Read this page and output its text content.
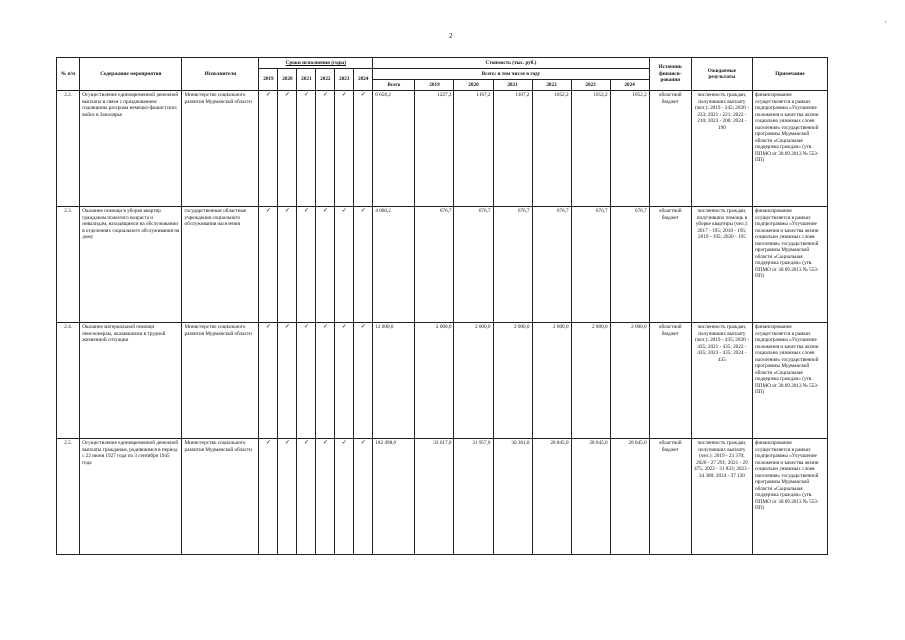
2
·
№ п/п	Содержание мероприятия	Исполнители	Сроки исполнения (годы)						Стоимость (тыс. руб.)							Источник финанси-рования	Ожидаемые результаты	Примечание
			2019	2020	2021	2022	2023	2024	Всего: в том числе в году									
									Всего	2019	2020	2021	2022	2023	2024			
2.2.	Осуществление единовременной денежной выплаты в связи с празднованием годовщины разгрома немецко-фашистских войск в Заполярье	Министерство социального развития Мурманской области	✓	✓	✓	✓	✓	✓	6 658,2	1227,2	1167,2	1107,2	1052,2	1052,2	1052,2	областной бюджет	численность граждан, получивших выплату (чел.): 2019 - 245; 2020 - 233; 2021 - 221; 2022 - 210; 2023 - 200; 2024 - 190	финансирование осуществляется в рамках подпрограммы «Улучшение положения и качества жизни социально уязвимых слоев населения» государственной программы Мурманской области «Социальная поддержка граждан» (утв. ППМО от 30.09.2013 № 553-ПП)
2.3.	Оказание помощи в уборке квартир гражданам пожилого возраста и инвалидам, находящимся на обслуживании в отделениях социального обслуживания на дому	государственные областные учреждения социального обслуживания населения	✓	✓	✓	✓	✓	✓	4 060,2	676,7	676,7	676,7	676,7	676,7	676,7	областной бюджет	численность граждан, получивших помощь в уборке квартиры (чел.): 2017 - 195; 2018 - 195; 2019 - 195; 2020 - 195	финансирование осуществляется в рамках подпрограммы «Улучшение положения и качества жизни социально уязвимых слоев населения» государственной программы Мурманской области «Социальная поддержка граждан» (утв. ППМО от 30.09.2013 № 553-ПП)
2.4.	Оказание материальной помощи пенсионерам, оказавшимся в трудной жизненной ситуации	Министерство социального развития Мурманской области	✓	✓	✓	✓	✓	✓	12 000,0	2 000,0	2 000,0	2 000,0	2 000,0	2 000,0	2 000,0	областной бюджет	численность граждан, получивших выплату (чел.): 2019 - 435; 2020 - 435; 2021 - 435; 2022 - 435; 2023 - 435; 2024 - 435	финансирование осуществляется в рамках подпрограммы «Улучшение положения и качества жизни социально уязвимых слоев населения» государственной программы Мурманской области «Социальная поддержка граждан» (утв. ППМО от 30.09.2013 № 553-ПП)
2.5.	Осуществление единовременной денежной выплаты гражданам, родившимся в период с 22 июня 1927 года по 3 сентября 1945 года	Министерство социального развития Мурманской области	✓	✓	✓	✓	✓	✓	182 498,0	33 617,0	31 957,0	30 361,0	28 845,0	28 845,0	28 845,0	областной бюджет	численность граждан, получивших выплату (чел.): 2019 - 23 370; 2020 - 27 291; 2021 - 29 475; 2022 - 31 833; 2023 - 34 380; 2024 - 37 130	финансирование осуществляется в рамках подпрограммы «Улучшение положения и качества жизни социально уязвимых слоев населения» государственной программы Мурманской области «Социальная поддержка граждан» (утв. ППМО от 30.09.2013 № 553-ПП)
